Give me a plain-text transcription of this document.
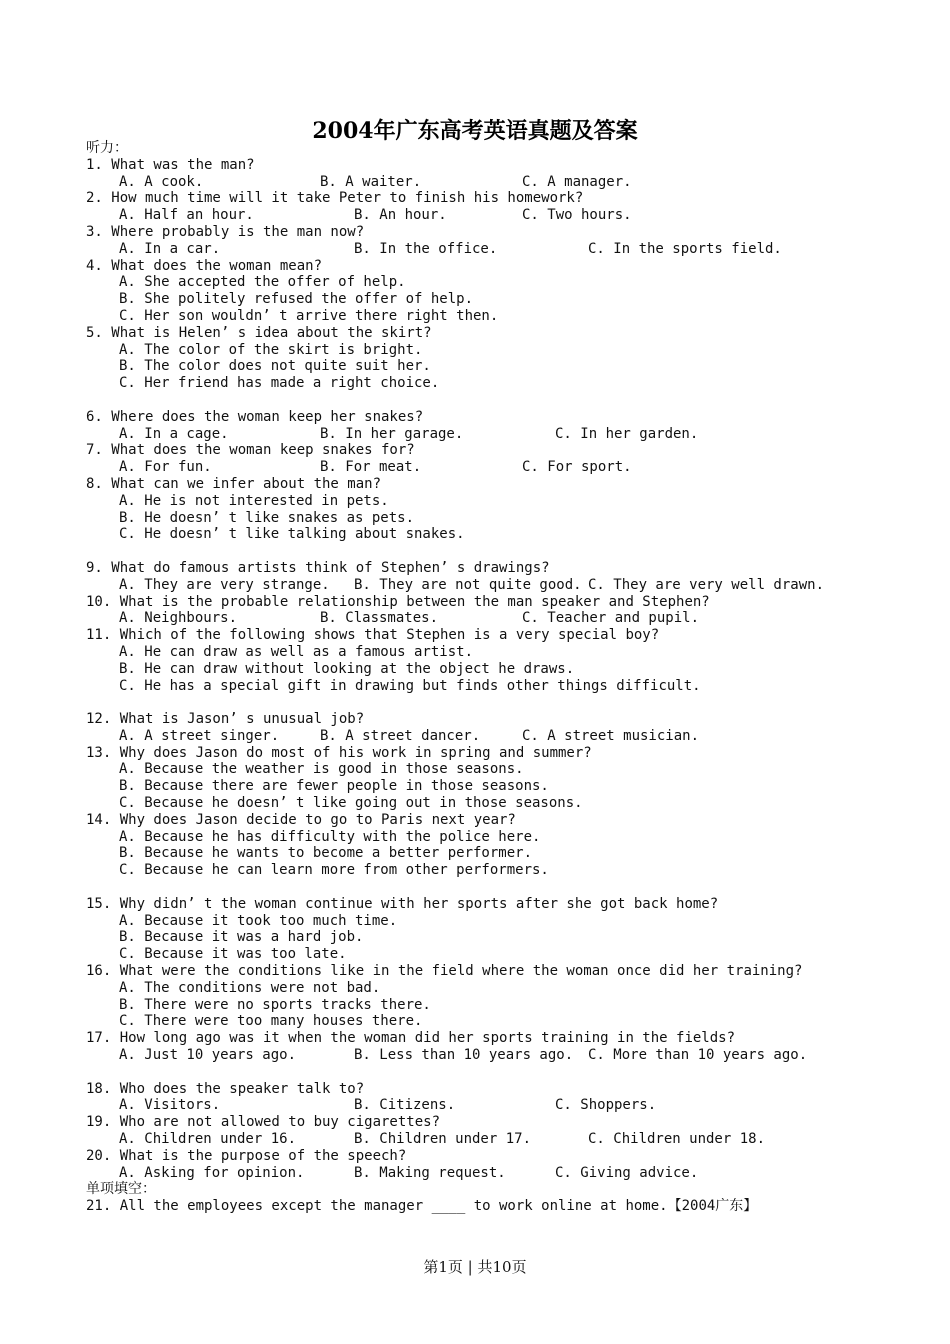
2004年广东高考英语真题及答案
听力：
1. What was the man?
A. A cook.	B. A waiter.	C. A manager.
2. How much time will it take Peter to finish his homework?
A. Half an hour.	B. An hour.	C. Two hours.
3. Where probably is the man now?
A. In a car.	B. In the office.	C. In the sports field.
4. What does the woman mean?
A. She accepted the offer of help.
B. She politely refused the offer of help.
C. Her son wouldn’ t arrive there right then.
5. What is Helen’ s idea about the skirt?
A. The color of the skirt is bright.
B. The color does not quite suit her.
C. Her friend has made a right choice.
6. Where does the woman keep her snakes?
A. In a cage.	B. In her garage.	C. In her garden.
7. What does the woman keep snakes for?
A. For fun.	B. For meat.	C. For sport.
8. What can we infer about the man?
A. He is not interested in pets.
B. He doesn’ t like snakes as pets.
C. He doesn’ t like talking about snakes.
9. What do famous artists think of Stephen’ s drawings?
A. They are very strange. B. They are not quite good. C. They are very well drawn.
10. What is the probable relationship between the man speaker and Stephen?
A. Neighbours.	B. Classmates.	C. Teacher and pupil.
11. Which of the following shows that Stephen is a very special boy?
A. He can draw as well as a famous artist.
B. He can draw without looking at the object he draws.
C. He has a special gift in drawing but finds other things difficult.
12. What is Jason’ s unusual job?
A. A street singer.	B. A street dancer.	C. A street musician.
13. Why does Jason do most of his work in spring and summer?
A. Because the weather is good in those seasons.
B. Because there are fewer people in those seasons.
C. Because he doesn’ t like going out in those seasons.
14. Why does Jason decide to go to Paris next year?
A. Because he has difficulty with the police here.
B. Because he wants to become a better performer.
C. Because he can learn more from other performers.
15. Why didn’ t the woman continue with her sports after she got back home?
A. Because it took too much time.
B. Because it was a hard job.
C. Because it was too late.
16. What were the conditions like in the field where the woman once did her training?
A. The conditions were not bad.
B. There were no sports tracks there.
C. There were too many houses there.
17. How long ago was it when the woman did her sports training in the fields?
A. Just 10 years ago.	B. Less than 10 years ago. C. More than 10 years ago.
18. Who does the speaker talk to?
A. Visitors.	B. Citizens.	C. Shoppers.
19. Who are not allowed to buy cigarettes?
A. Children under 16.	B. Children under 17.	C. Children under 18.
20. What is the purpose of the speech?
A. Asking for opinion.	B. Making request.	C. Giving advice.
单项填空：
21. All the employees except the manager ____ to work online at home.【2004广东】
第1页 | 共10页
